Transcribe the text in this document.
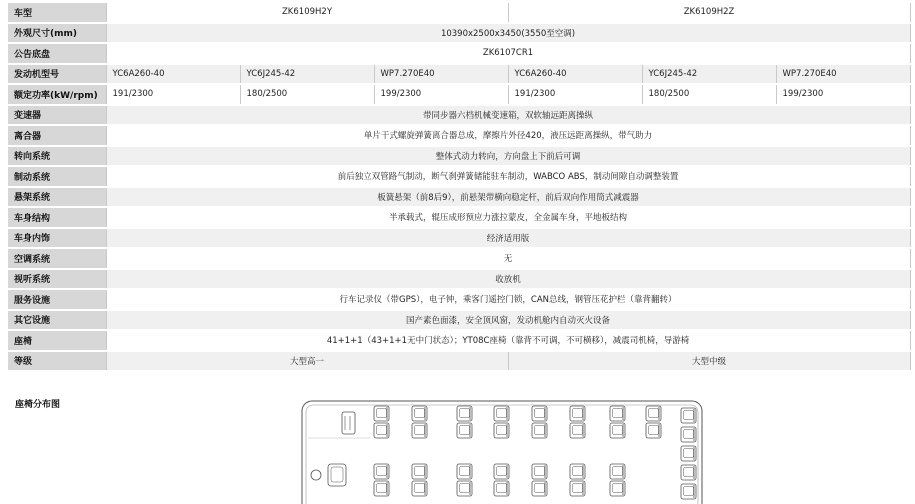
车型	ZK6109H2Y			ZK6109H2Z		
外观尺寸(mm)	10390x2500x3450(3550至空调)					
公告底盘	ZK6107CR1					
发动机型号	YC6A260-40	YC6J245-42	WP7.270E40	YC6A260-40	YC6J245-42	WP7.270E40
额定功率(kW/rpm)	191/2300	180/2500	199/2300	191/2300	180/2500	199/2300
变速器	带同步器六档机械变速箱，双软轴远距离操纵					
离合器	单片干式螺旋弹簧离合器总成，摩擦片外径420，液压远距离操纵，带气助力					
转向系统	整体式动力转向，方向盘上下前后可调					
制动系统	前后独立双管路气制动，断气刹弹簧储能驻车制动，WABCO ABS，制动间隙自动调整装置					
悬架系统	板簧悬架（前8后9），前悬架带横向稳定杆，前后双向作用筒式减震器					
车身结构	半承载式，辊压成形预应力涨拉蒙皮，全金属车身，平地板结构					
车身内饰	经济适用版					
空调系统	无					
视听系统	收放机					
服务设施	行车记录仪（带GPS），电子钟，乘客门遥控门锁，CAN总线，钢管压花护栏（靠背翻转）					
其它设施	国产素色面漆，安全顶风窗，发动机舱内自动灭火设备					
座椅	41+1+1（43+1+1无中门状态）；YT08C座椅（靠背不可调，不可横移），减震司机椅，导游椅					
等级	大型高一			大型中级		
座椅分布图
